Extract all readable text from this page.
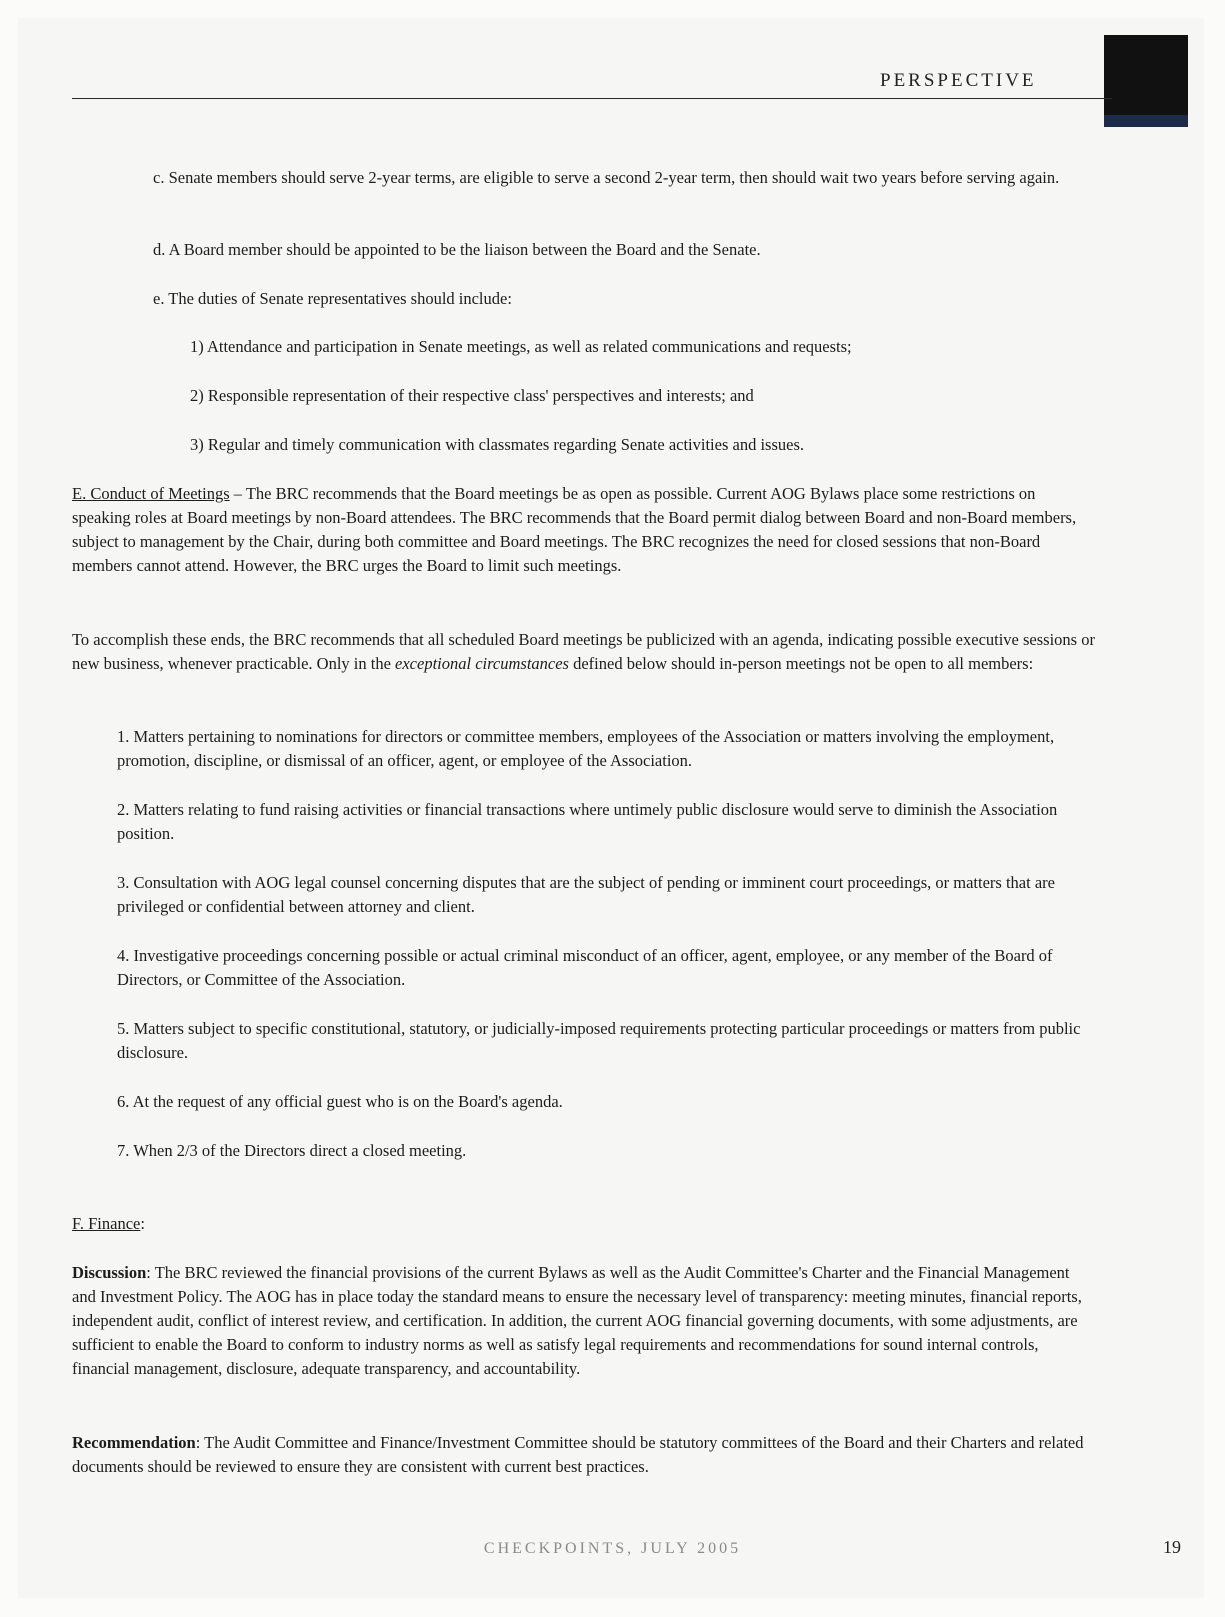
PERSPECTIVE

c. Senate members should serve 2-year terms, are eligible to serve a second 2-year term, then should wait two years before serving again.

d. A Board member should be appointed to be the liaison between the Board and the Senate.

e. The duties of Senate representatives should include:

1) Attendance and participation in Senate meetings, as well as related communications and requests;

2) Responsible representation of their respective class' perspectives and interests; and

3) Regular and timely communication with classmates regarding Senate activities and issues.

E. Conduct of Meetings – The BRC recommends that the Board meetings be as open as possible. Current AOG Bylaws place some restrictions on speaking roles at Board meetings by non-Board attendees. The BRC recommends that the Board permit dialog between Board and non-Board members, subject to management by the Chair, during both committee and Board meetings. The BRC recognizes the need for closed sessions that non-Board members cannot attend. However, the BRC urges the Board to limit such meetings.

To accomplish these ends, the BRC recommends that all scheduled Board meetings be publicized with an agenda, indicating possible executive sessions or new business, whenever practicable. Only in the exceptional circumstances defined below should in-person meetings not be open to all members:

1. Matters pertaining to nominations for directors or committee members, employees of the Association or matters involving the employment, promotion, discipline, or dismissal of an officer, agent, or employee of the Association.

2. Matters relating to fund raising activities or financial transactions where untimely public disclosure would serve to diminish the Association position.

3. Consultation with AOG legal counsel concerning disputes that are the subject of pending or imminent court proceedings, or matters that are privileged or confidential between attorney and client.

4. Investigative proceedings concerning possible or actual criminal misconduct of an officer, agent, employee, or any member of the Board of Directors, or Committee of the Association.

5. Matters subject to specific constitutional, statutory, or judicially-imposed requirements protecting particular proceedings or matters from public disclosure.

6. At the request of any official guest who is on the Board's agenda.

7. When 2/3 of the Directors direct a closed meeting.

F. Finance:

Discussion: The BRC reviewed the financial provisions of the current Bylaws as well as the Audit Committee's Charter and the Financial Management and Investment Policy. The AOG has in place today the standard means to ensure the necessary level of transparency: meeting minutes, financial reports, independent audit, conflict of interest review, and certification. In addition, the current AOG financial governing documents, with some adjustments, are sufficient to enable the Board to conform to industry norms as well as satisfy legal requirements and recommendations for sound internal controls, financial management, disclosure, adequate transparency, and accountability.

Recommendation: The Audit Committee and Finance/Investment Committee should be statutory committees of the Board and their Charters and related documents should be reviewed to ensure they are consistent with current best practices.

CHECKPOINTS, JULY 2005	19
